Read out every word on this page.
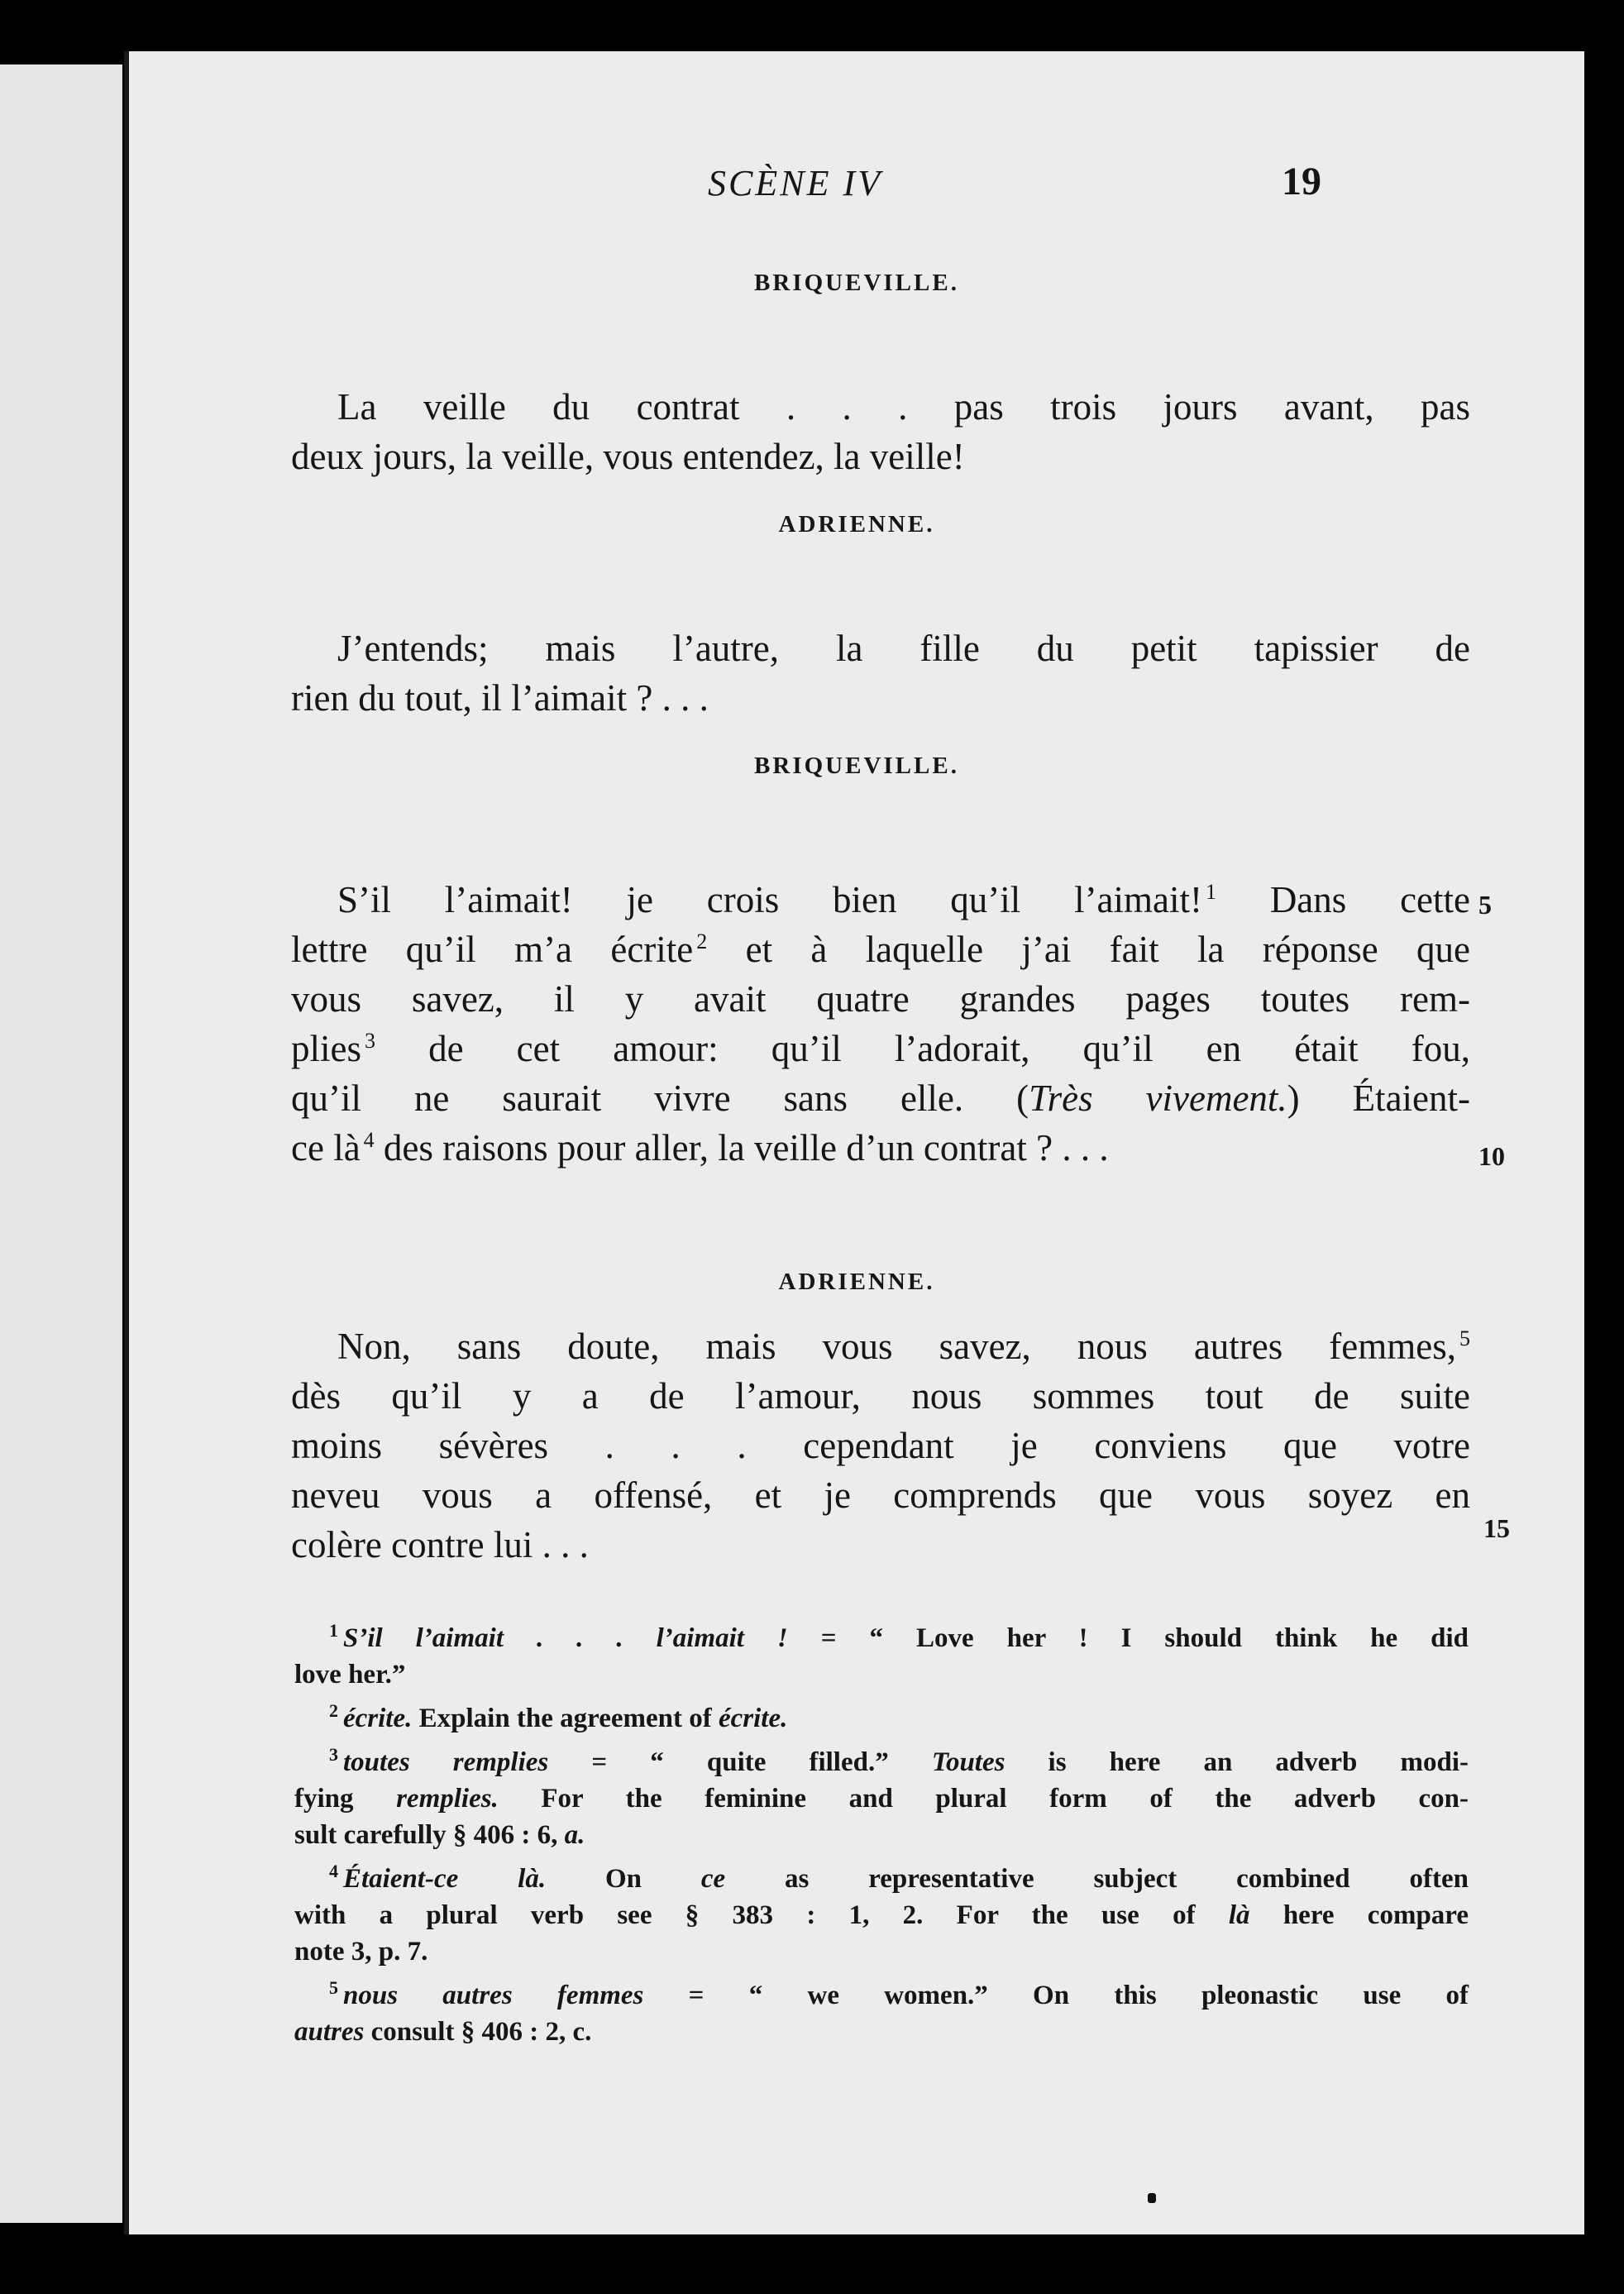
SCÈNE IV	19
BRIQUEVILLE.
La veille du contrat . . . pas trois jours avant, pas
deux jours, la veille, vous entendez, la veille!
ADRIENNE.
J’entends; mais l’autre, la fille du petit tapissier de
rien du tout, il l’aimait ? . . .
BRIQUEVILLE.
S’il l’aimait! je crois bien qu’il l’aimait! $^1$ Dans cette
lettre qu’il m’a écrite $^2$ et à laquelle j’ai fait la réponse que
vous savez, il y avait quatre grandes pages toutes rem-
plies $^3$ de cet amour: qu’il l’adorait, qu’il en était fou,
qu’il ne saurait vivre sans elle. (Très vivement.) Étaient-
ce là $^4$ des raisons pour aller, la veille d’un contrat ? . . .
5
10
ADRIENNE.
Non, sans doute, mais vous savez, nous autres femmes, $^5$
dès qu’il y a de l’amour, nous sommes tout de suite
moins sévères . . . cependant je conviens que votre
neveu vous a offensé, et je comprends que vous soyez en
colère contre lui . . .	15
$^1$ S’il l’aimait . . . l’aimait ! = “ Love her ! I should think he did
love her.”
$^2$ écrite. Explain the agreement of écrite.
$^3$ toutes remplies = “ quite filled.” Toutes is here an adverb modi-
fying remplies. For the feminine and plural form of the adverb con-
sult carefully § 406 : 6, a.
$^4$ Étaient-ce là. On ce as representative subject combined often
with a plural verb see § 383 : 1, 2. For the use of là here compare
note 3, p. 7.
$^5$ nous autres femmes = “ we women.” On this pleonastic use of
autres consult § 406 : 2, c.
